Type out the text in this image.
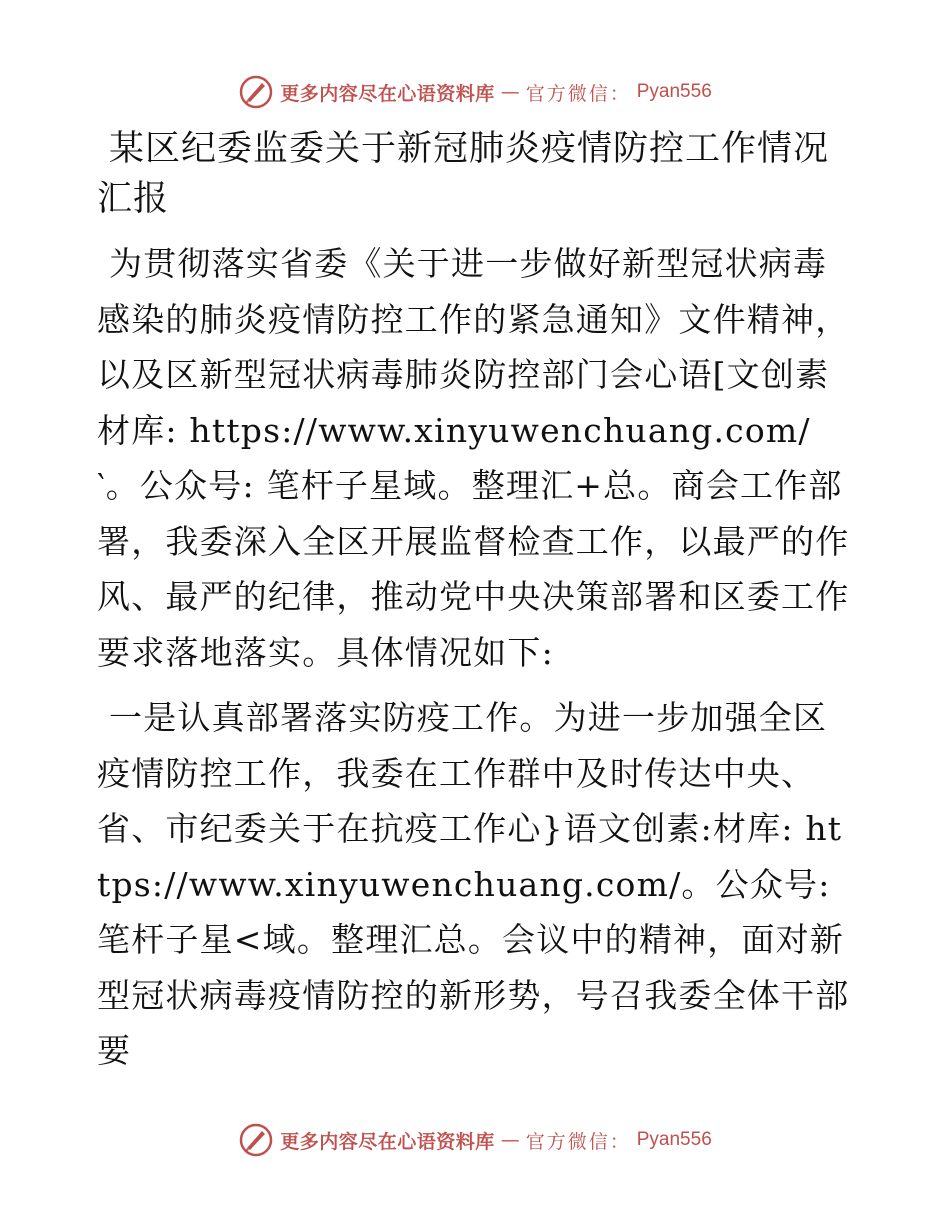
更多内容尽在心语资料库 — 官方微信： Pyan556
某区纪委监委关于新冠肺炎疫情防控工作情况汇报

为贯彻落实省委《关于进一步做好新型冠状病毒感染的肺炎疫情防控工作的紧急通知》文件精神，以及区新型冠状病毒肺炎防控部门会心语[文创素材库: https://www.xinyuwenchuang.com/‵。公众号: 笔杆子星域。整理汇+总。商会工作部署，我委深入全区开展监督检查工作，以最严的作风、最严的纪律，推动党中央决策部署和区委工作要求落地落实。具体情况如下:

一是认真部署落实防疫工作。为进一步加强全区疫情防控工作，我委在工作群中及时传达中央、省、市纪委关于在抗疫工作心}语文创素:材库: https://www.xinyuwenchuang.com/。公众号: 笔杆子星<域。整理汇总。会议中的精神，面对新型冠状病毒疫情防控的新形势，号召我委全体干部要

更多内容尽在心语资料库 — 官方微信： Pyan556
